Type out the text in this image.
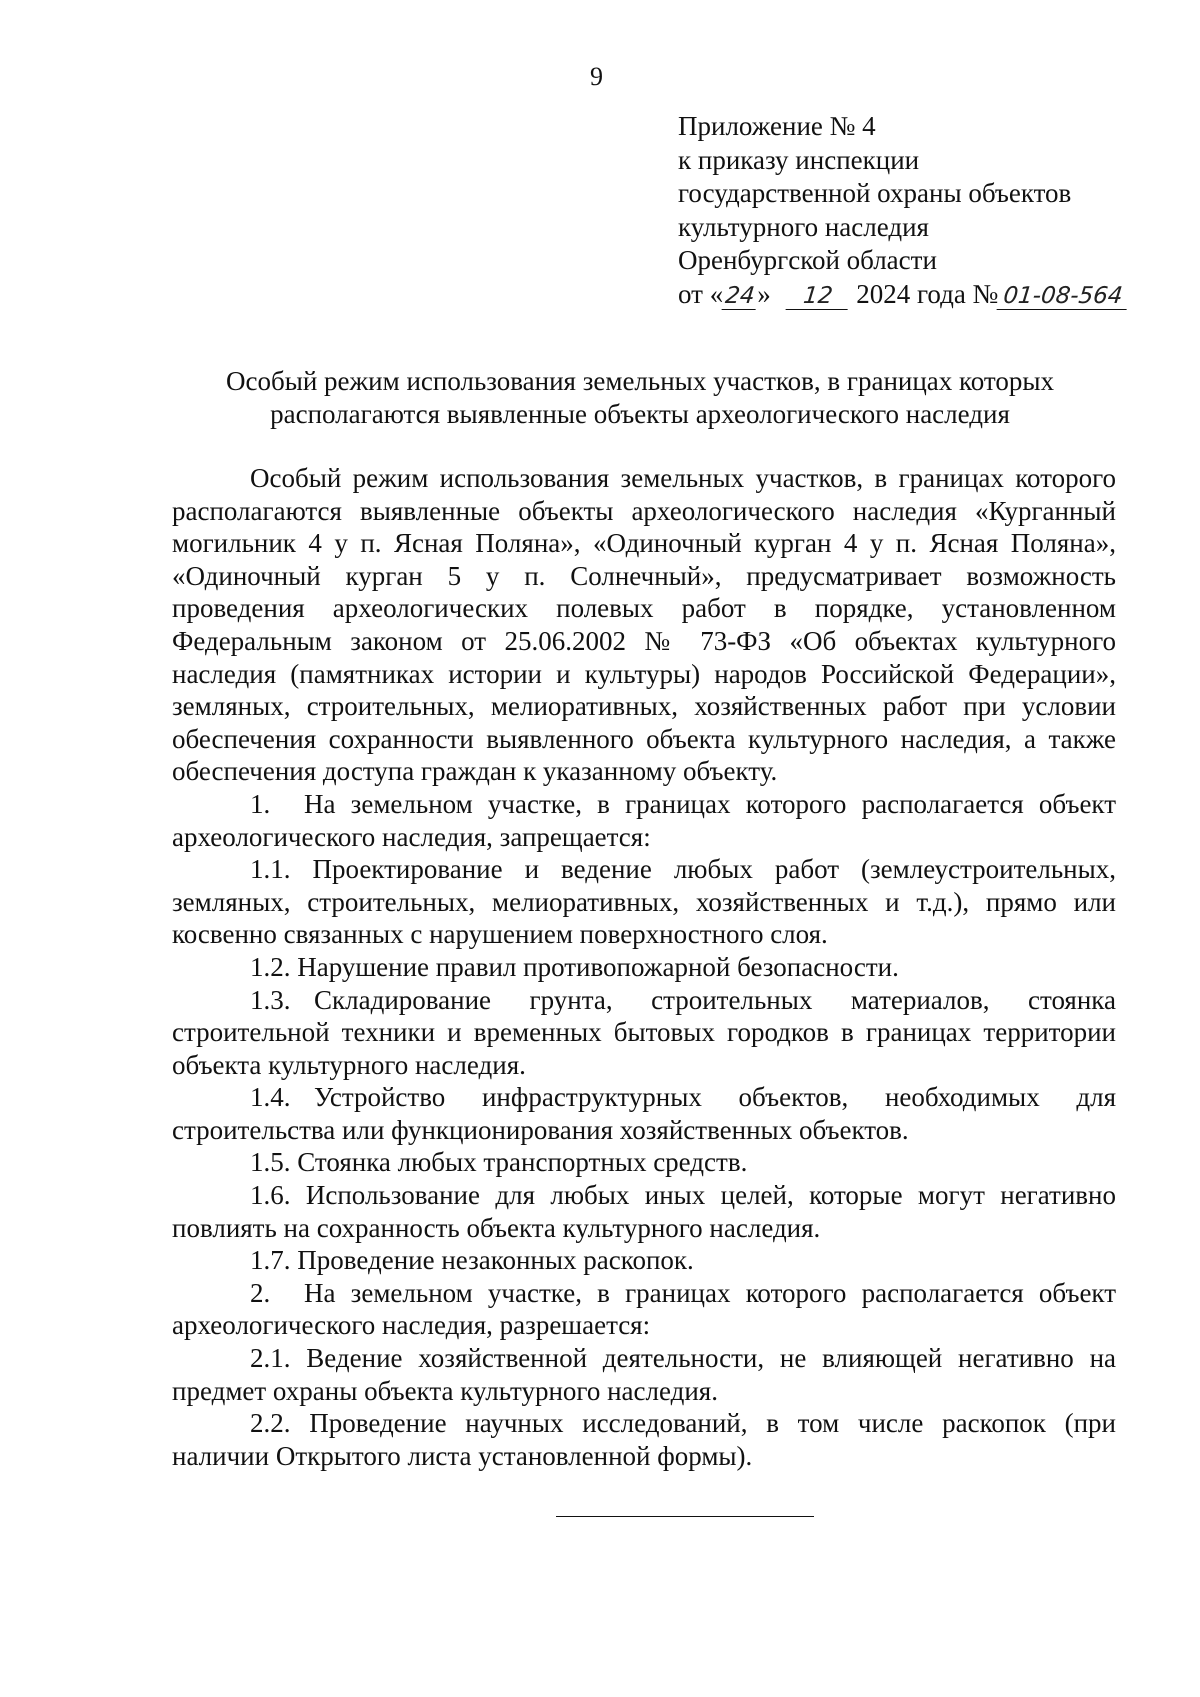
9
Приложение № 4
к приказу инспекции
государственной охраны объектов
культурного наследия
Оренбургской области
от «24» 12 2024 года № 01-08-564
Особый режим использования земельных участков, в границах которых
располагаются выявленные объекты археологического наследия

Особый режим использования земельных участков, в границах которого располагаются выявленные объекты археологического наследия «Курганный могильник 4 у п. Ясная Поляна», «Одиночный курган 4 у п. Ясная Поляна», «Одиночный курган 5 у п. Солнечный», предусматривает возможность проведения археологических полевых работ в порядке, установленном Федеральным законом от 25.06.2002 № 73-ФЗ «Об объектах культурного наследия (памятниках истории и культуры) народов Российской Федерации», земляных, строительных, мелиоративных, хозяйственных работ при условии обеспечения сохранности выявленного объекта культурного наследия, а также обеспечения доступа граждан к указанному объекту.

1. На земельном участке, в границах которого располагается объект археологического наследия, запрещается:

1.1. Проектирование и ведение любых работ (землеустроительных, земляных, строительных, мелиоративных, хозяйственных и т.д.), прямо или косвенно связанных с нарушением поверхностного слоя.

1.2. Нарушение правил противопожарной безопасности.

1.3. Складирование грунта, строительных материалов, стоянка строительной техники и временных бытовых городков в границах территории объекта культурного наследия.

1.4. Устройство инфраструктурных объектов, необходимых для строительства или функционирования хозяйственных объектов.

1.5. Стоянка любых транспортных средств.

1.6. Использование для любых иных целей, которые могут негативно повлиять на сохранность объекта культурного наследия.

1.7. Проведение незаконных раскопок.

2. На земельном участке, в границах которого располагается объект археологического наследия, разрешается:

2.1. Ведение хозяйственной деятельности, не влияющей негативно на предмет охраны объекта культурного наследия.

2.2. Проведение научных исследований, в том числе раскопок (при наличии Открытого листа установленной формы).
